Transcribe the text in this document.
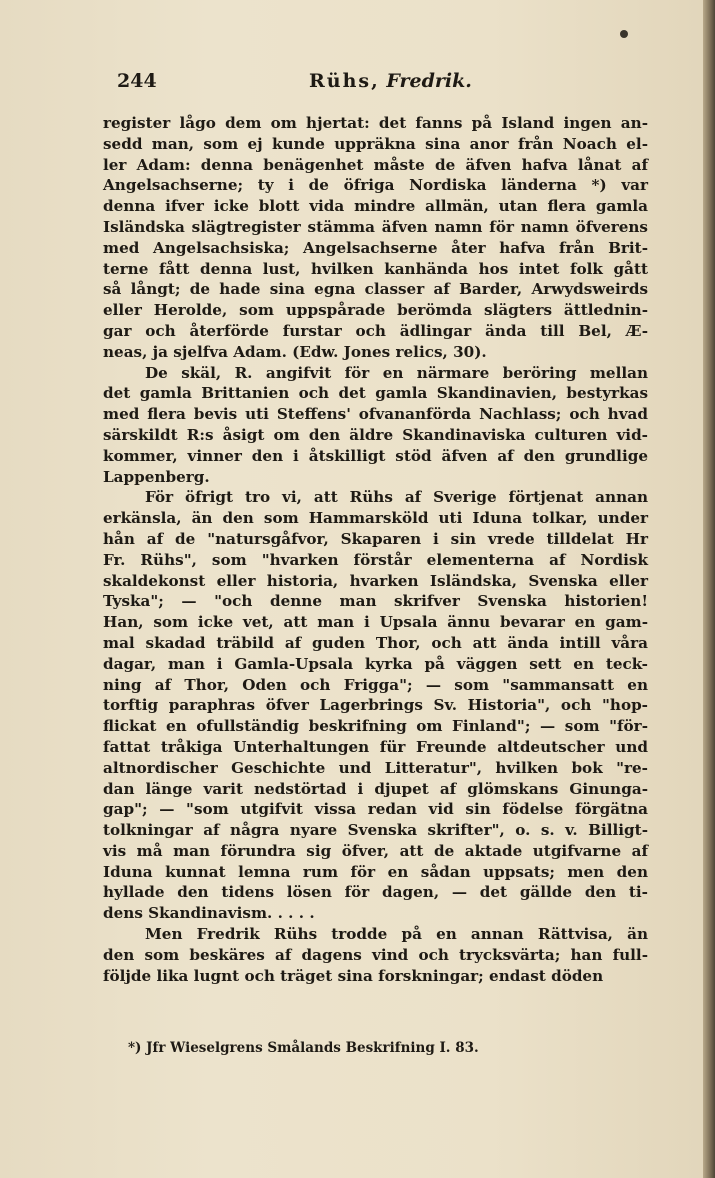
244	Rühs, Fredrik.
register lågo dem om hjertat: det fanns på Island ingen an-
sedd man, som ej kunde uppräkna sina anor från Noach el-
ler Adam: denna benägenhet måste de äfven hafva lånat af
Angelsachserne; ty i de öfriga Nordiska länderna *) var
denna ifver icke blott vida mindre allmän, utan flera gamla
Isländska slägtregister stämma äfven namn för namn öfverens
med Angelsachsiska; Angelsachserne åter hafva från Brit-
terne fått denna lust, hvilken kanhända hos intet folk gått
så långt; de hade sina egna classer af Barder, Arwydsweirds
eller Herolde, som uppspårade berömda slägters ättlednin-
gar och återförde furstar och ädlingar ända till Bel, Æ-
neas, ja sjelfva Adam. (Edw. Jones relics, 30).
De skäl, R. angifvit för en närmare beröring mellan
det gamla Brittanien och det gamla Skandinavien, bestyrkas
med flera bevis uti Steffens' ofvananförda Nachlass; och hvad
särskildt R:s åsigt om den äldre Skandinaviska culturen vid-
kommer, vinner den i åtskilligt stöd äfven af den grundlige
Lappenberg.
För öfrigt tro vi, att Rühs af Sverige förtjenat annan
erkänsla, än den som Hammarsköld uti Iduna tolkar, under
hån af de "natursgåfvor, Skaparen i sin vrede tilldelat Hr
Fr. Rühs", som "hvarken förstår elementerna af Nordisk
skaldekonst eller historia, hvarken Isländska, Svenska eller
Tyska"; — "och denne man skrifver Svenska historien!
Han, som icke vet, att man i Upsala ännu bevarar en gam-
mal skadad träbild af guden Thor, och att ända intill våra
dagar, man i Gamla-Upsala kyrka på väggen sett en teck-
ning af Thor, Oden och Frigga"; — som "sammansatt en
torftig paraphras öfver Lagerbrings Sv. Historia", och "hop-
flickat en ofullständig beskrifning om Finland"; — som "för-
fattat tråkiga Unterhaltungen für Freunde altdeutscher und
altnordischer Geschichte und Litteratur", hvilken bok "re-
dan länge varit nedstörtad i djupet af glömskans Ginunga-
gap"; — "som utgifvit vissa redan vid sin födelse förgätna
tolkningar af några nyare Svenska skrifter", o. s. v. Billigt-
vis må man förundra sig öfver, att de aktade utgifvarne af
Iduna kunnat lemna rum för en sådan uppsats; men den
hyllade den tidens lösen för dagen, — det gällde den ti-
dens Skandinavism. . . . .
Men Fredrik Rühs trodde på en annan Rättvisa, än
den som beskäres af dagens vind och trycksvärta; han full-
följde lika lugnt och träget sina forskningar; endast döden
*) Jfr Wieselgrens Smålands Beskrifning I. 83.
